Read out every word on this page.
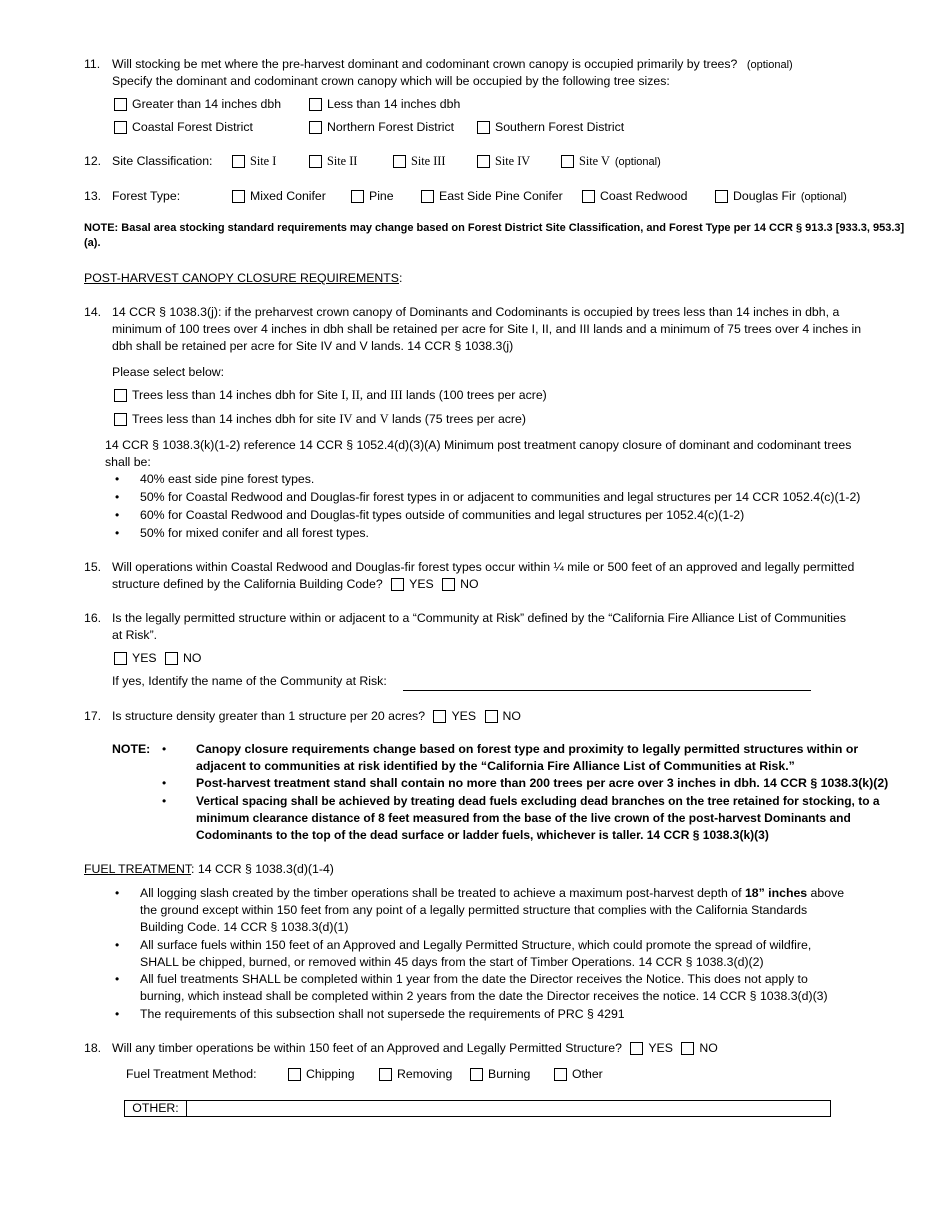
11. Will stocking be met where the pre-harvest dominant and codominant crown canopy is occupied primarily by trees? (optional)
Specify the dominant and codominant crown canopy which will be occupied by the following tree sizes:
Greater than 14 inches dbh	Less than 14 inches dbh
Coastal Forest District	Northern Forest District	Southern Forest District
12. Site Classification:	Site I	Site II	Site III	Site IV	Site V (optional)
13. Forest Type:	Mixed Conifer	Pine	East Side Pine Conifer	Coast Redwood	Douglas Fir (optional)
NOTE: Basal area stocking standard requirements may change based on Forest District Site Classification, and Forest Type per 14 CCR § 913.3 [933.3, 953.3]
(a).
POST-HARVEST CANOPY CLOSURE REQUIREMENTS:
14. 14 CCR § 1038.3(j): if the preharvest crown canopy of Dominants and Codominants is occupied by trees less than 14 inches in dbh, a
minimum of 100 trees over 4 inches in dbh shall be retained per acre for Site I, II, and III lands and a minimum of 75 trees over 4 inches in
dbh shall be retained per acre for Site IV and V lands. 14 CCR § 1038.3(j)
Please select below:
Trees less than 14 inches dbh for Site I, II, and III lands (100 trees per acre)
Trees less than 14 inches dbh for site IV and V lands (75 trees per acre)
14 CCR § 1038.3(k)(1-2) reference 14 CCR § 1052.4(d)(3)(A) Minimum post treatment canopy closure of dominant and codominant trees
shall be:
• 40% east side pine forest types.
• 50% for Coastal Redwood and Douglas-fir forest types in or adjacent to communities and legal structures per 14 CCR 1052.4(c)(1-2)
• 60% for Coastal Redwood and Douglas-fit types outside of communities and legal structures per 1052.4(c)(1-2)
• 50% for mixed conifer and all forest types.
15. Will operations within Coastal Redwood and Douglas-fir forest types occur within ¼ mile or 500 feet of an approved and legally permitted
structure defined by the California Building Code? YES NO
16. Is the legally permitted structure within or adjacent to a “Community at Risk” defined by the “California Fire Alliance List of Communities
at Risk”.
YES NO
If yes, Identify the name of the Community at Risk:
17. Is structure density greater than 1 structure per 20 acres? YES NO
NOTE: • Canopy closure requirements change based on forest type and proximity to legally permitted structures within or
adjacent to communities at risk identified by the “California Fire Alliance List of Communities at Risk.”
• Post-harvest treatment stand shall contain no more than 200 trees per acre over 3 inches in dbh. 14 CCR § 1038.3(k)(2)
• Vertical spacing shall be achieved by treating dead fuels excluding dead branches on the tree retained for stocking, to a
minimum clearance distance of 8 feet measured from the base of the live crown of the post-harvest Dominants and
Codominants to the top of the dead surface or ladder fuels, whichever is taller. 14 CCR § 1038.3(k)(3)
FUEL TREATMENT: 14 CCR § 1038.3(d)(1-4)
• All logging slash created by the timber operations shall be treated to achieve a maximum post-harvest depth of 18” inches above
the ground except within 150 feet from any point of a legally permitted structure that complies with the California Standards
Building Code. 14 CCR § 1038.3(d)(1)
• All surface fuels within 150 feet of an Approved and Legally Permitted Structure, which could promote the spread of wildfire,
SHALL be chipped, burned, or removed within 45 days from the start of Timber Operations. 14 CCR § 1038.3(d)(2)
• All fuel treatments SHALL be completed within 1 year from the date the Director receives the Notice. This does not apply to
burning, which instead shall be completed within 2 years from the date the Director receives the notice. 14 CCR § 1038.3(d)(3)
• The requirements of this subsection shall not supersede the requirements of PRC § 4291
18. Will any timber operations be within 150 feet of an Approved and Legally Permitted Structure? YES NO
Fuel Treatment Method:	Chipping	Removing	Burning	Other
OTHER:
